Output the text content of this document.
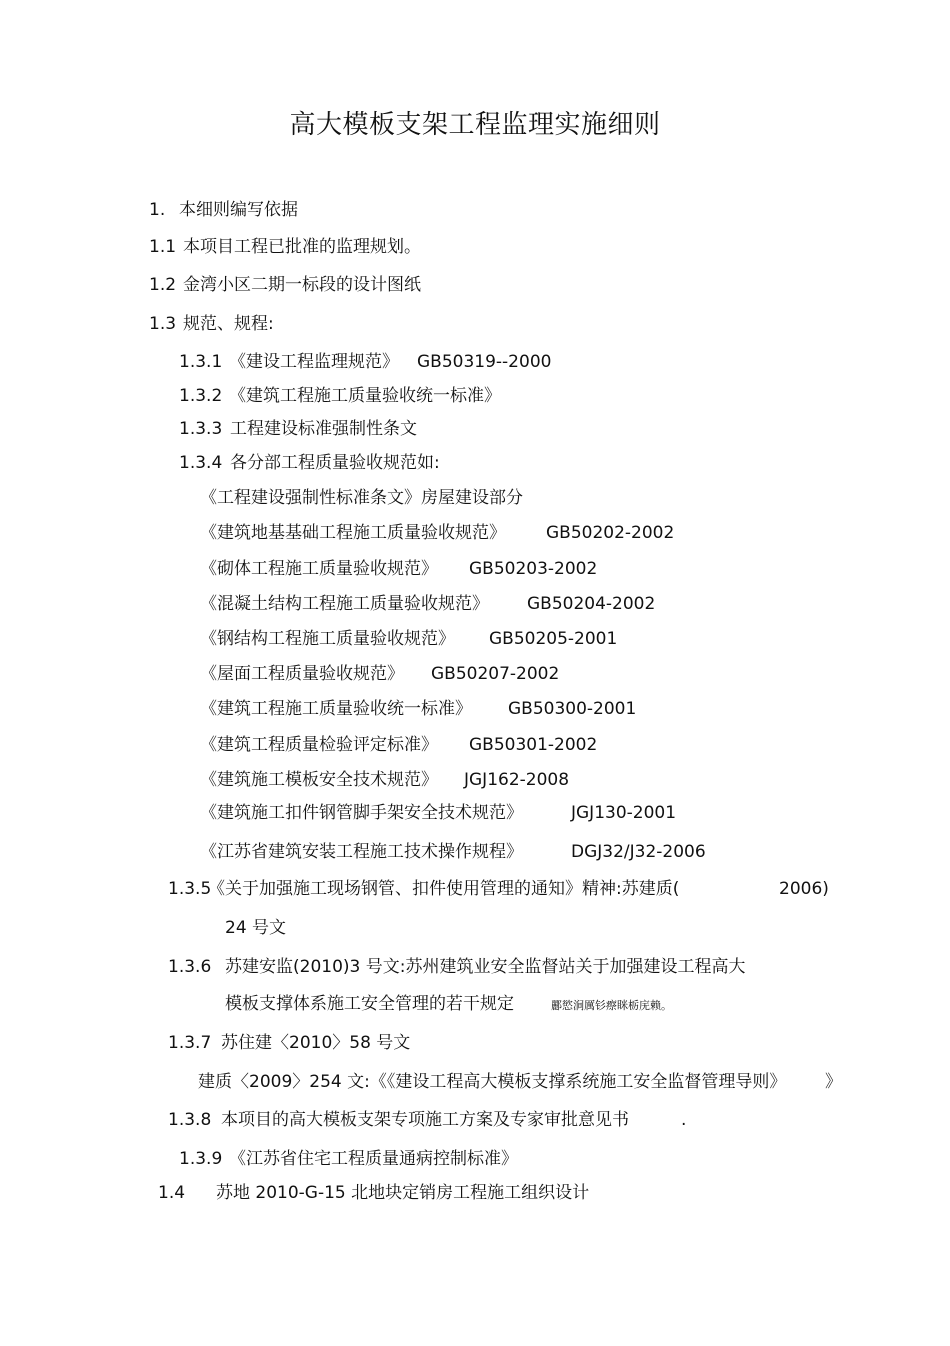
高大模板支架工程监理实施细则
1. 本细则编写依据
1.1 本项目工程已批准的监理规划。
1.2 金湾小区二期一标段的设计图纸
1.3 规范、规程:
1.3.1 《建设工程监理规范》 GB50319--2000
1.3.2 《建筑工程施工质量验收统一标准》
1.3.3 工程建设标准强制性条文
1.3.4 各分部工程质量验收规范如:
《工程建设强制性标准条文》房屋建设部分
《建筑地基基础工程施工质量验收规范》 GB50202-2002
《砌体工程施工质量验收规范》 GB50203-2002
《混凝土结构工程施工质量验收规范》 GB50204-2002
《钢结构工程施工质量验收规范》 GB50205-2001
《屋面工程质量验收规范》 GB50207-2002
《建筑工程施工质量验收统一标准》 GB50300-2001
《建筑工程质量检验评定标准》 GB50301-2002
《建筑施工模板安全技术规范》 JGJ162-2008
《建筑施工扣件钢管脚手架安全技术规范》	JGJ130-2001
《江苏省建筑安装工程施工技术操作规程》	DGJ32/J32-2006
1.3.5《关于加强施工现场钢管、扣件使用管理的通知》精神:苏建质(	2006)
24 号文
1.3.6 苏建安监(2010)3 号文:苏州建筑业安全监督站关于加强建设工程高大
模板支撑体系施工安全管理的若干规定	酈慾涧厲钐瘵眯栃庑赖。
1.3.7 苏住建〈2010〉58 号文
建质〈2009〉254 文:《《建设工程高大模板支撑系统施工安全监督管理导则》 》
1.3.8 本项目的高大模板支架专项施工方案及专家审批意见书	.
1.3.9 《江苏省住宅工程质量通病控制标准》
1.4 苏地 2010-G-15 北地块定销房工程施工组织设计
